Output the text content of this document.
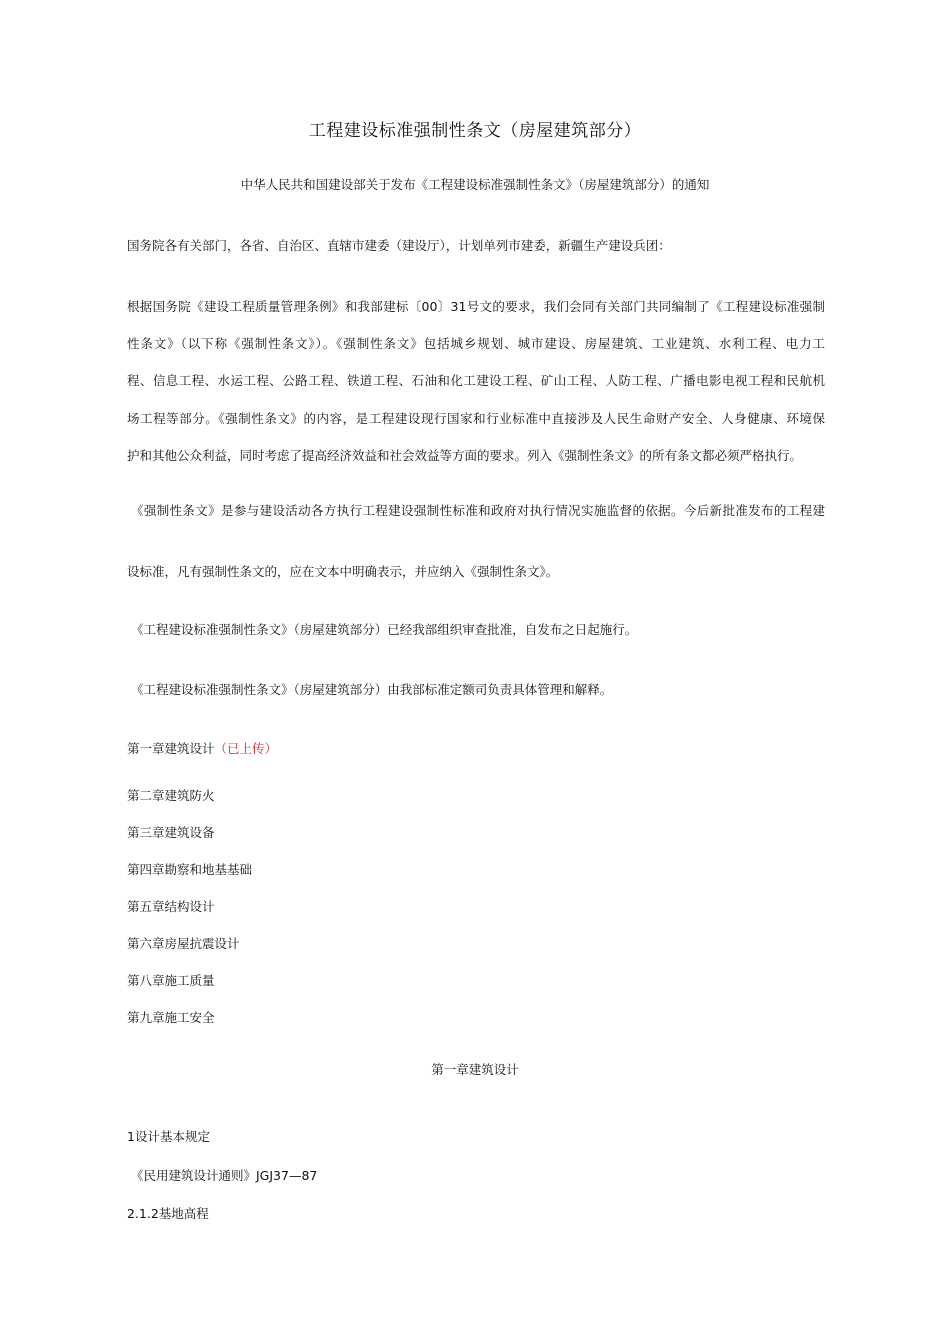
工程建设标准强制性条文（房屋建筑部分）
中华人民共和国建设部关于发布《工程建设标准强制性条文》（房屋建筑部分）的通知
国务院各有关部门，各省、自治区、直辖市建委（建设厅），计划单列市建委，新疆生产建设兵团：
根据国务院《建设工程质量管理条例》和我部建标〔00〕31号文的要求，我们会同有关部门共同编制了《工程建设标准强制
性条文》（以下称《强制性条文》）。《强制性条文》包括城乡规划、城市建设、房屋建筑、工业建筑、水利工程、电力工
程、信息工程、水运工程、公路工程、铁道工程、石油和化工建设工程、矿山工程、人防工程、广播电影电视工程和民航机
场工程等部分。《强制性条文》的内容，是工程建设现行国家和行业标准中直接涉及人民生命财产安全、人身健康、环境保
护和其他公众利益，同时考虑了提高经济效益和社会效益等方面的要求。列入《强制性条文》的所有条文都必须严格执行。
《强制性条文》是参与建设活动各方执行工程建设强制性标准和政府对执行情况实施监督的依据。今后新批准发布的工程建
设标准，凡有强制性条文的，应在文本中明确表示，并应纳入《强制性条文》。
《工程建设标准强制性条文》（房屋建筑部分）已经我部组织审查批准，自发布之日起施行。
《工程建设标准强制性条文》（房屋建筑部分）由我部标准定额司负责具体管理和解释。
第一章建筑设计（已上传）
第二章建筑防火
第三章建筑设备
第四章勘察和地基基础
第五章结构设计
第六章房屋抗震设计
第八章施工质量
第九章施工安全
第一章建筑设计
1设计基本规定
《民用建筑设计通则》JGJ37—87
2.1.2基地高程
